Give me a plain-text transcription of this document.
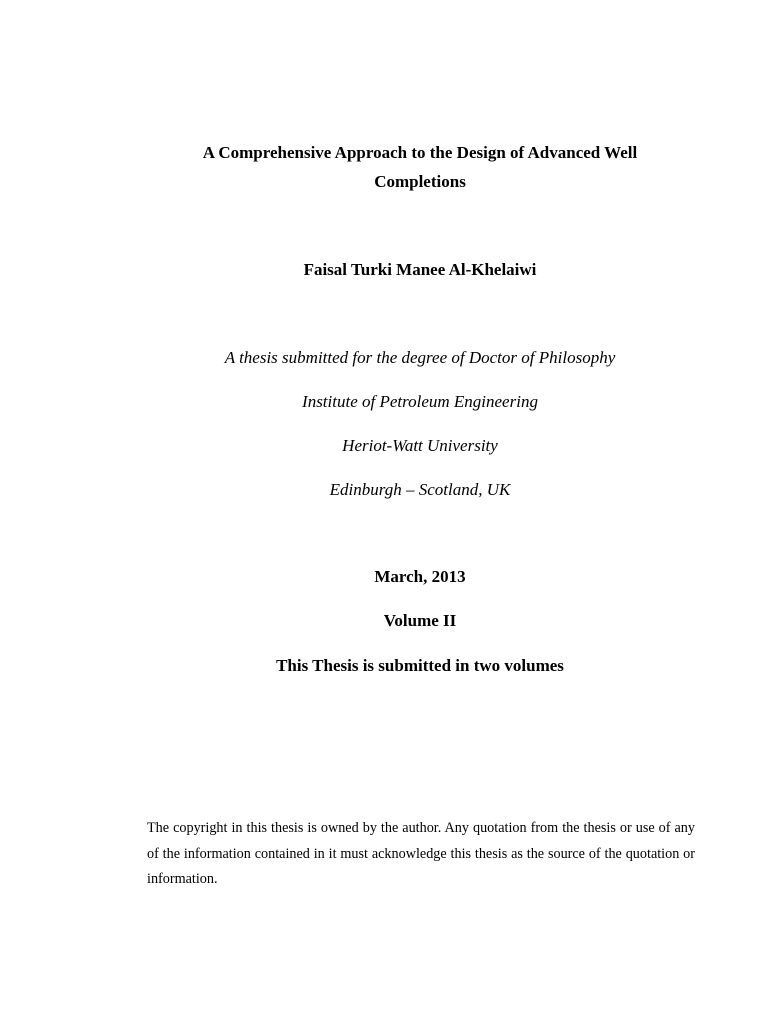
A Comprehensive Approach to the Design of Advanced Well
Completions
Faisal Turki Manee Al-Khelaiwi
A thesis submitted for the degree of Doctor of Philosophy
Institute of Petroleum Engineering
Heriot-Watt University
Edinburgh – Scotland, UK
March, 2013
Volume II
This Thesis is submitted in two volumes
The copyright in this thesis is owned by the author. Any quotation from the thesis or use of any of the information contained in it must acknowledge this thesis as the source of the quotation or information.
